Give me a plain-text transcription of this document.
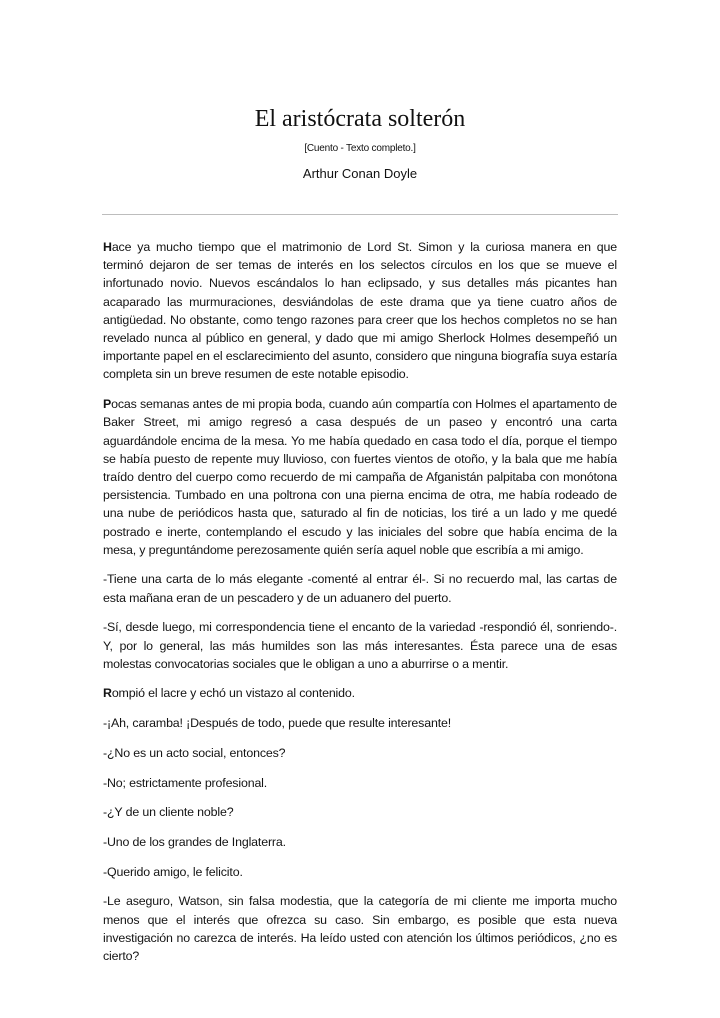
El aristócrata solterón
[Cuento - Texto completo.]
Arthur Conan Doyle

Hace ya mucho tiempo que el matrimonio de Lord St. Simon y la curiosa manera en que terminó dejaron de ser temas de interés en los selectos círculos en los que se mueve el infortunado novio. Nuevos escándalos lo han eclipsado, y sus detalles más picantes han acaparado las murmuraciones, desviándolas de este drama que ya tiene cuatro años de antigüedad. No obstante, como tengo razones para creer que los hechos completos no se han revelado nunca al público en general, y dado que mi amigo Sherlock Holmes desempeñó un importante papel en el esclarecimiento del asunto, considero que ninguna biografía suya estaría completa sin un breve resumen de este notable episodio.

Pocas semanas antes de mi propia boda, cuando aún compartía con Holmes el apartamento de Baker Street, mi amigo regresó a casa después de un paseo y encontró una carta aguardándole encima de la mesa. Yo me había quedado en casa todo el día, porque el tiempo se había puesto de repente muy lluvioso, con fuertes vientos de otoño, y la bala que me había traído dentro del cuerpo como recuerdo de mi campaña de Afganistán palpitaba con monótona persistencia. Tumbado en una poltrona con una pierna encima de otra, me había rodeado de una nube de periódicos hasta que, saturado al fin de noticias, los tiré a un lado y me quedé postrado e inerte, contemplando el escudo y las iniciales del sobre que había encima de la mesa, y preguntándome perezosamente quién sería aquel noble que escribía a mi amigo.

-Tiene una carta de lo más elegante -comenté al entrar él-. Si no recuerdo mal, las cartas de esta mañana eran de un pescadero y de un aduanero del puerto.

-Sí, desde luego, mi correspondencia tiene el encanto de la variedad -respondió él, sonriendo-. Y, por lo general, las más humildes son las más interesantes. Ésta parece una de esas molestas convocatorias sociales que le obligan a uno a aburrirse o a mentir.

Rompió el lacre y echó un vistazo al contenido.

-¡Ah, caramba! ¡Después de todo, puede que resulte interesante!

-¿No es un acto social, entonces?

-No; estrictamente profesional.

-¿Y de un cliente noble?

-Uno de los grandes de Inglaterra.

-Querido amigo, le felicito.

-Le aseguro, Watson, sin falsa modestia, que la categoría de mi cliente me importa mucho menos que el interés que ofrezca su caso. Sin embargo, es posible que esta nueva investigación no carezca de interés. Ha leído usted con atención los últimos periódicos, ¿no es cierto?
